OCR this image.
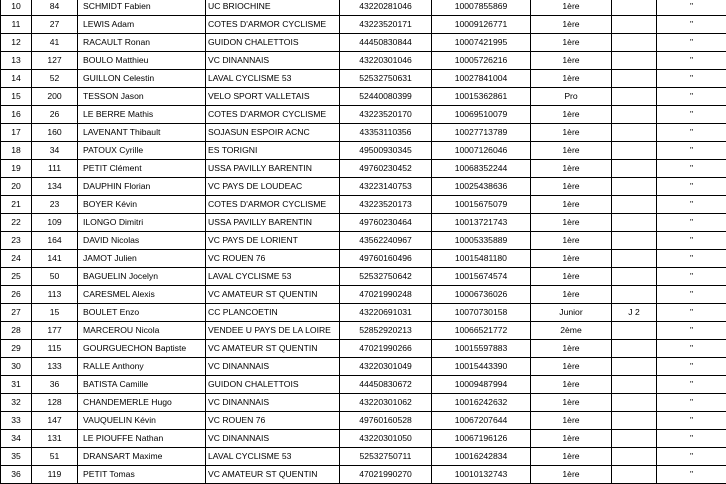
10	84	SCHMIDT Fabien	UC BRIOCHINE	43220281046	10007855869	1ère		"
11	27	LEWIS Adam	COTES D'ARMOR CYCLISME	43223520171	10009126771	1ère		"
12	41	RACAULT Ronan	GUIDON CHALETTOIS	44450830844	10007421995	1ère		"
13	127	BOULO Matthieu	VC DINANNAIS	43220301046	10005726216	1ère		"
14	52	GUILLON Celestin	LAVAL CYCLISME 53	52532750631	10027841004	1ère		"
15	200	TESSON Jason	VELO SPORT VALLETAIS	52440080399	10015362861	Pro		"
16	26	LE BERRE Mathis	COTES D'ARMOR CYCLISME	43223520170	10069510079	1ère		"
17	160	LAVENANT Thibault	SOJASUN ESPOIR ACNC	43353110356	10027713789	1ère		"
18	34	PATOUX Cyrille	ES TORIGNI	49500930345	10007126046	1ère		"
19	111	PETIT Clément	USSA PAVILLY BARENTIN	49760230452	10068352244	1ère		"
20	134	DAUPHIN Florian	VC PAYS DE LOUDEAC	43223140753	10025438636	1ère		"
21	23	BOYER Kévin	COTES D'ARMOR CYCLISME	43223520173	10015675079	1ère		"
22	109	ILONGO Dimitri	USSA PAVILLY BARENTIN	49760230464	10013721743	1ère		"
23	164	DAVID Nicolas	VC PAYS DE LORIENT	43562240967	10005335889	1ère		"
24	141	JAMOT Julien	VC ROUEN 76	49760160496	10015481180	1ère		"
25	50	BAGUELIN Jocelyn	LAVAL CYCLISME 53	52532750642	10015674574	1ère		"
26	113	CARESMEL Alexis	VC AMATEUR ST QUENTIN	47021990248	10006736026	1ère		"
27	15	BOULET Enzo	CC PLANCOETIN	43220691031	10070730158	Junior	J 2	"
28	177	MARCEROU Nicola	VENDEE U PAYS DE LA LOIRE	52852920213	10066521772	2ème		"
29	115	GOURGUECHON Baptiste	VC AMATEUR ST QUENTIN	47021990266	10015597883	1ère		"
30	133	RALLE Anthony	VC DINANNAIS	43220301049	10015443390	1ère		"
31	36	BATISTA Camille	GUIDON CHALETTOIS	44450830672	10009487994	1ère		"
32	128	CHANDEMERLE Hugo	VC DINANNAIS	43220301062	10016242632	1ère		"
33	147	VAUQUELIN Kévin	VC ROUEN 76	49760160528	10067207644	1ère		"
34	131	LE PIOUFFE Nathan	VC DINANNAIS	43220301050	10067196126	1ère		"
35	51	DRANSART Maxime	LAVAL CYCLISME 53	52532750711	10016242834	1ère		"
36	119	PETIT Tomas	VC AMATEUR ST QUENTIN	47021990270	10010132743	1ère		"
